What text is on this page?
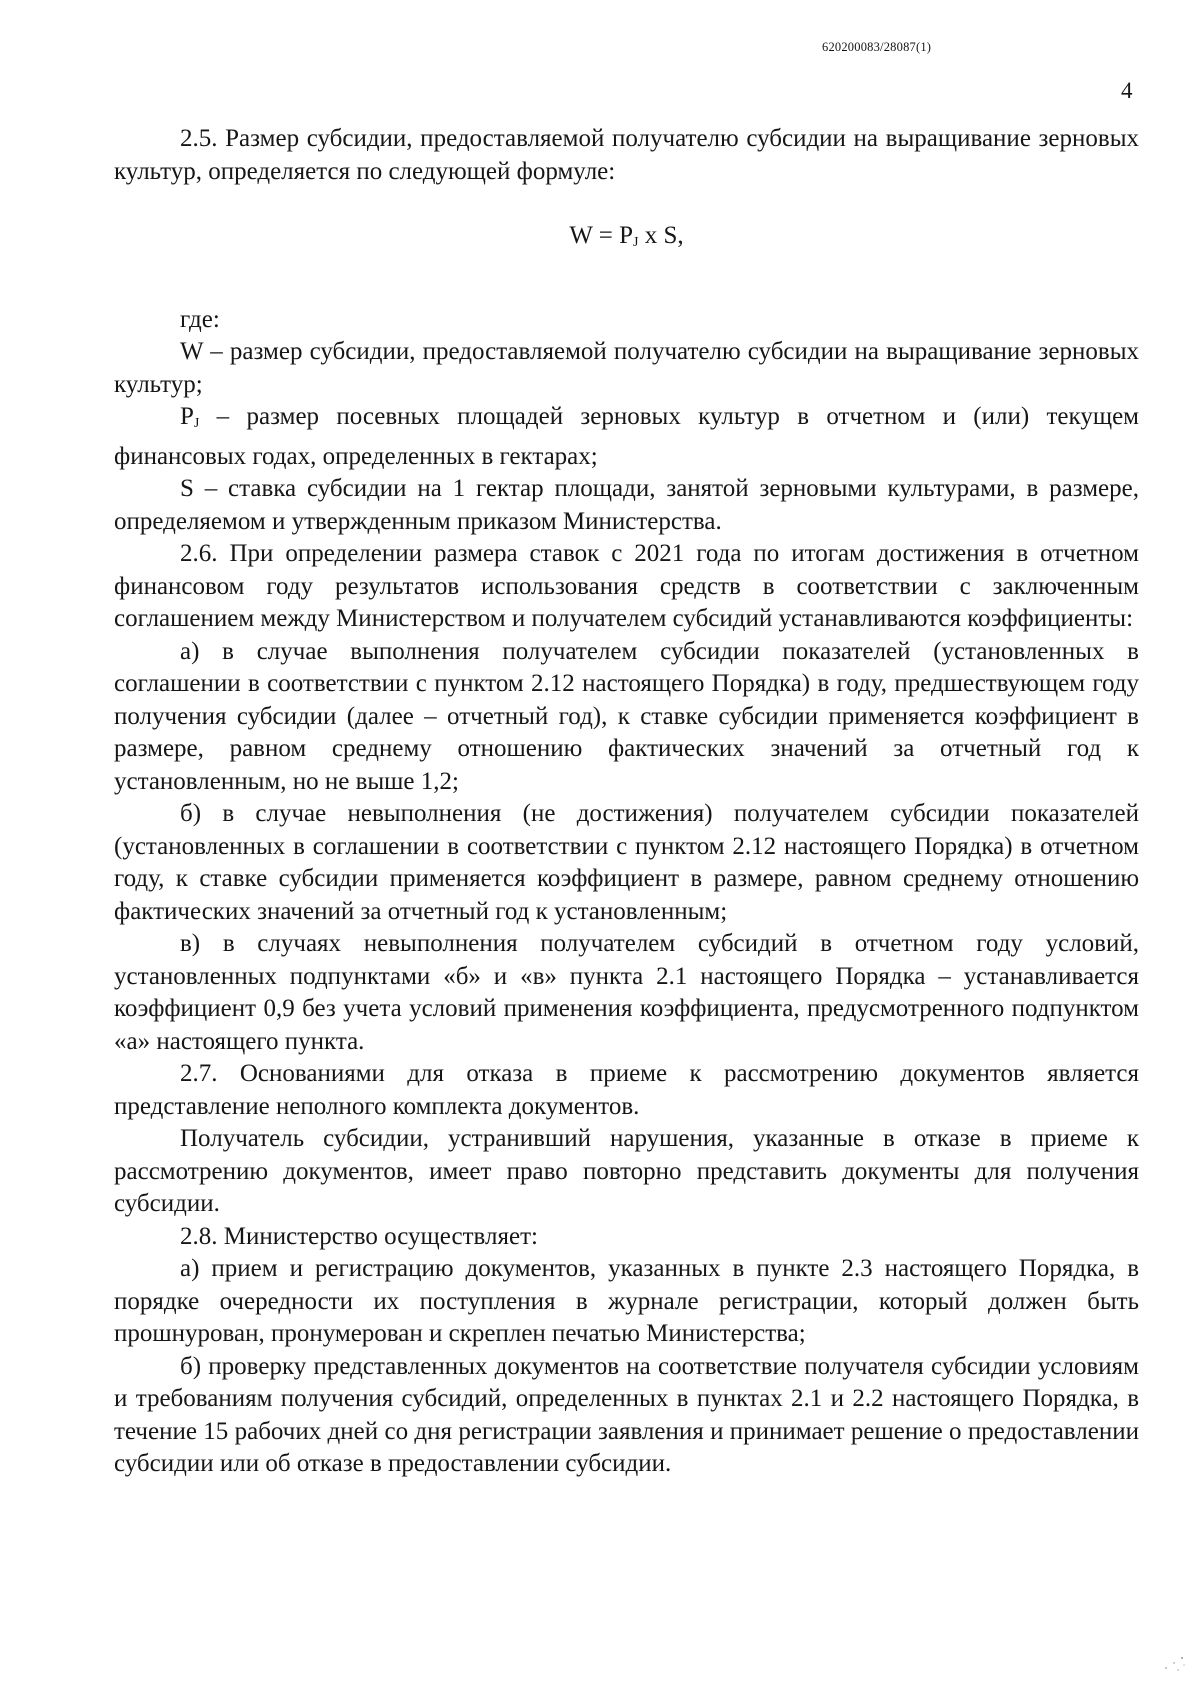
620200083/28087(1)
4

2.5. Размер субсидии, предоставляемой получателю субсидии на выращивание зерновых культур, определяется по следующей формуле:

$W = P_J$ x S,

где:

W – размер субсидии, предоставляемой получателю субсидии на выращивание зерновых культур;

$P_J$ – размер посевных площадей зерновых культур в отчетном и (или) текущем финансовых годах, определенных в гектарах;

S – ставка субсидии на 1 гектар площади, занятой зерновыми культурами, в размере, определяемом и утвержденным приказом Министерства.

2.6. При определении размера ставок с 2021 года по итогам достижения в отчетном финансовом году результатов использования средств в соответствии с заключенным соглашением между Министерством и получателем субсидий устанавливаются коэффициенты:

а) в случае выполнения получателем субсидии показателей (установленных в соглашении в соответствии с пунктом 2.12 настоящего Порядка) в году, предшествующем году получения субсидии (далее – отчетный год), к ставке субсидии применяется коэффициент в размере, равном среднему отношению фактических значений за отчетный год к установленным, но не выше 1,2;

б) в случае невыполнения (не достижения) получателем субсидии показателей (установленных в соглашении в соответствии с пунктом 2.12 настоящего Порядка) в отчетном году, к ставке субсидии применяется коэффициент в размере, равном среднему отношению фактических значений за отчетный год к установленным;

в) в случаях невыполнения получателем субсидий в отчетном году условий, установленных подпунктами «б» и «в» пункта 2.1 настоящего Порядка – устанавливается коэффициент 0,9 без учета условий применения коэффициента, предусмотренного подпунктом «а» настоящего пункта.

2.7. Основаниями для отказа в приеме к рассмотрению документов является представление неполного комплекта документов.

Получатель субсидии, устранивший нарушения, указанные в отказе в приеме к рассмотрению документов, имеет право повторно представить документы для получения субсидии.

2.8. Министерство осуществляет:

а) прием и регистрацию документов, указанных в пункте 2.3 настоящего Порядка, в порядке очередности их поступления в журнале регистрации, который должен быть прошнурован, пронумерован и скреплен печатью Министерства;

б) проверку представленных документов на соответствие получателя субсидии условиям и требованиям получения субсидий, определенных в пунктах 2.1 и 2.2 настоящего Порядка, в течение 15 рабочих дней со дня регистрации заявления и принимает решение о предоставлении субсидии или об отказе в предоставлении субсидии.
